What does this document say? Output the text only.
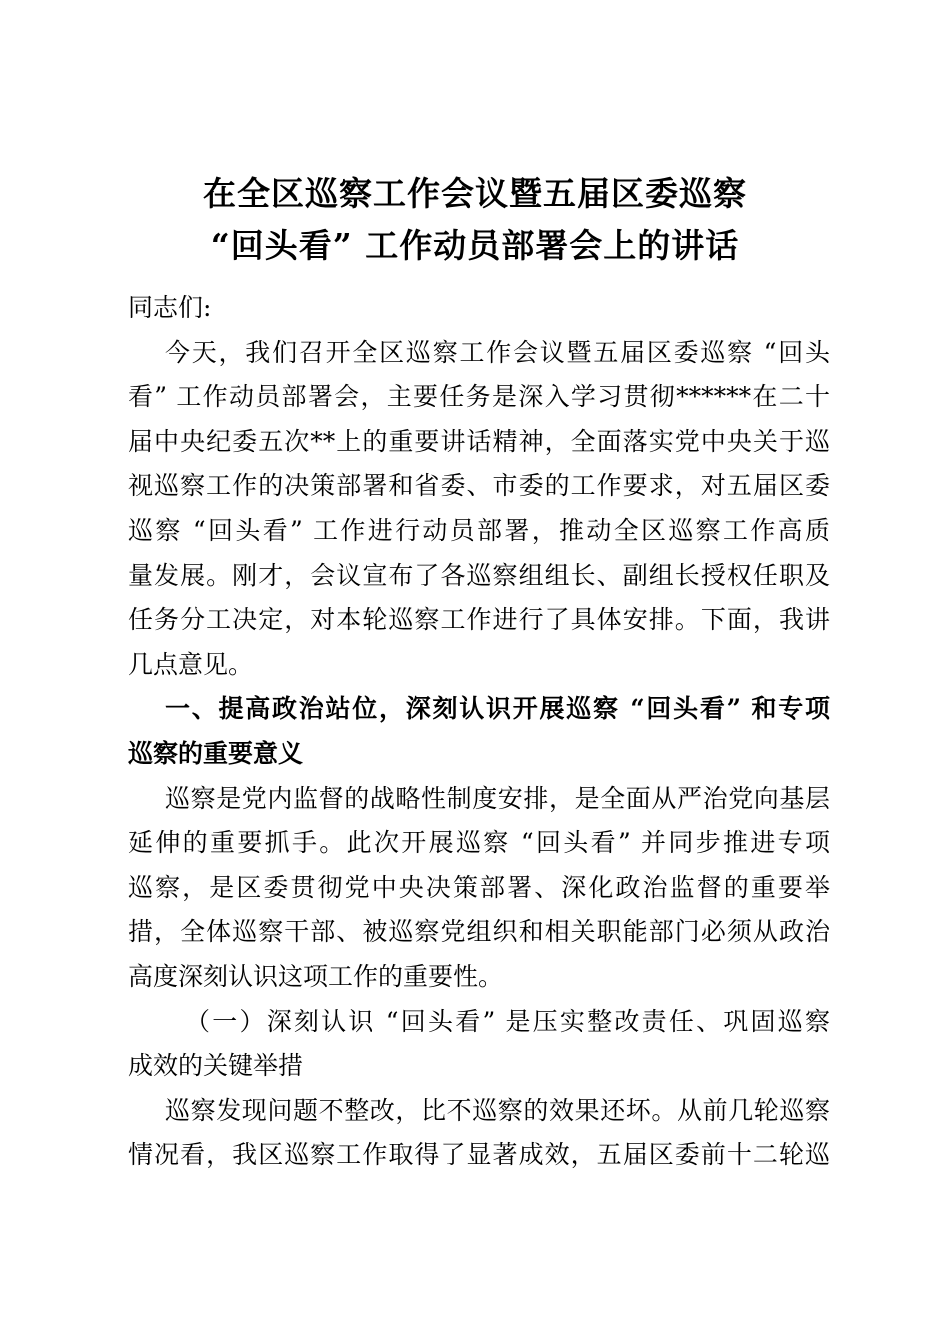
在全区巡察工作会议暨五届区委巡察
“回头看” 工作动员部署会上的讲话
同志们:
今天，我们召开全区巡察工作会议暨五届区委巡察 “回头
看” 工作动员部署会，主要任务是深入学习贯彻******在二十
届中央纪委五次**上的重要讲话精神，全面落实党中央关于巡
视巡察工作的决策部署和省委、市委的工作要求，对五届区委
巡察 “回头看” 工作进行动员部署，推动全区巡察工作高质
量发展。刚才，会议宣布了各巡察组组长、副组长授权任职及
任务分工决定，对本轮巡察工作进行了具体安排。下面，我讲
几点意见。
一、提高政治站位，深刻认识开展巡察 “回头看” 和专项
巡察的重要意义
巡察是党内监督的战略性制度安排，是全面从严治党向基层
延伸的重要抓手。此次开展巡察 “回头看” 并同步推进专项
巡察，是区委贯彻党中央决策部署、深化政治监督的重要举
措，全体巡察干部、被巡察党组织和相关职能部门必须从政治
高度深刻认识这项工作的重要性。
（一）深刻认识 “回头看” 是压实整改责任、巩固巡察
成效的关键举措
巡察发现问题不整改，比不巡察的效果还坏。从前几轮巡察
情况看，我区巡察工作取得了显著成效，五届区委前十二轮巡
